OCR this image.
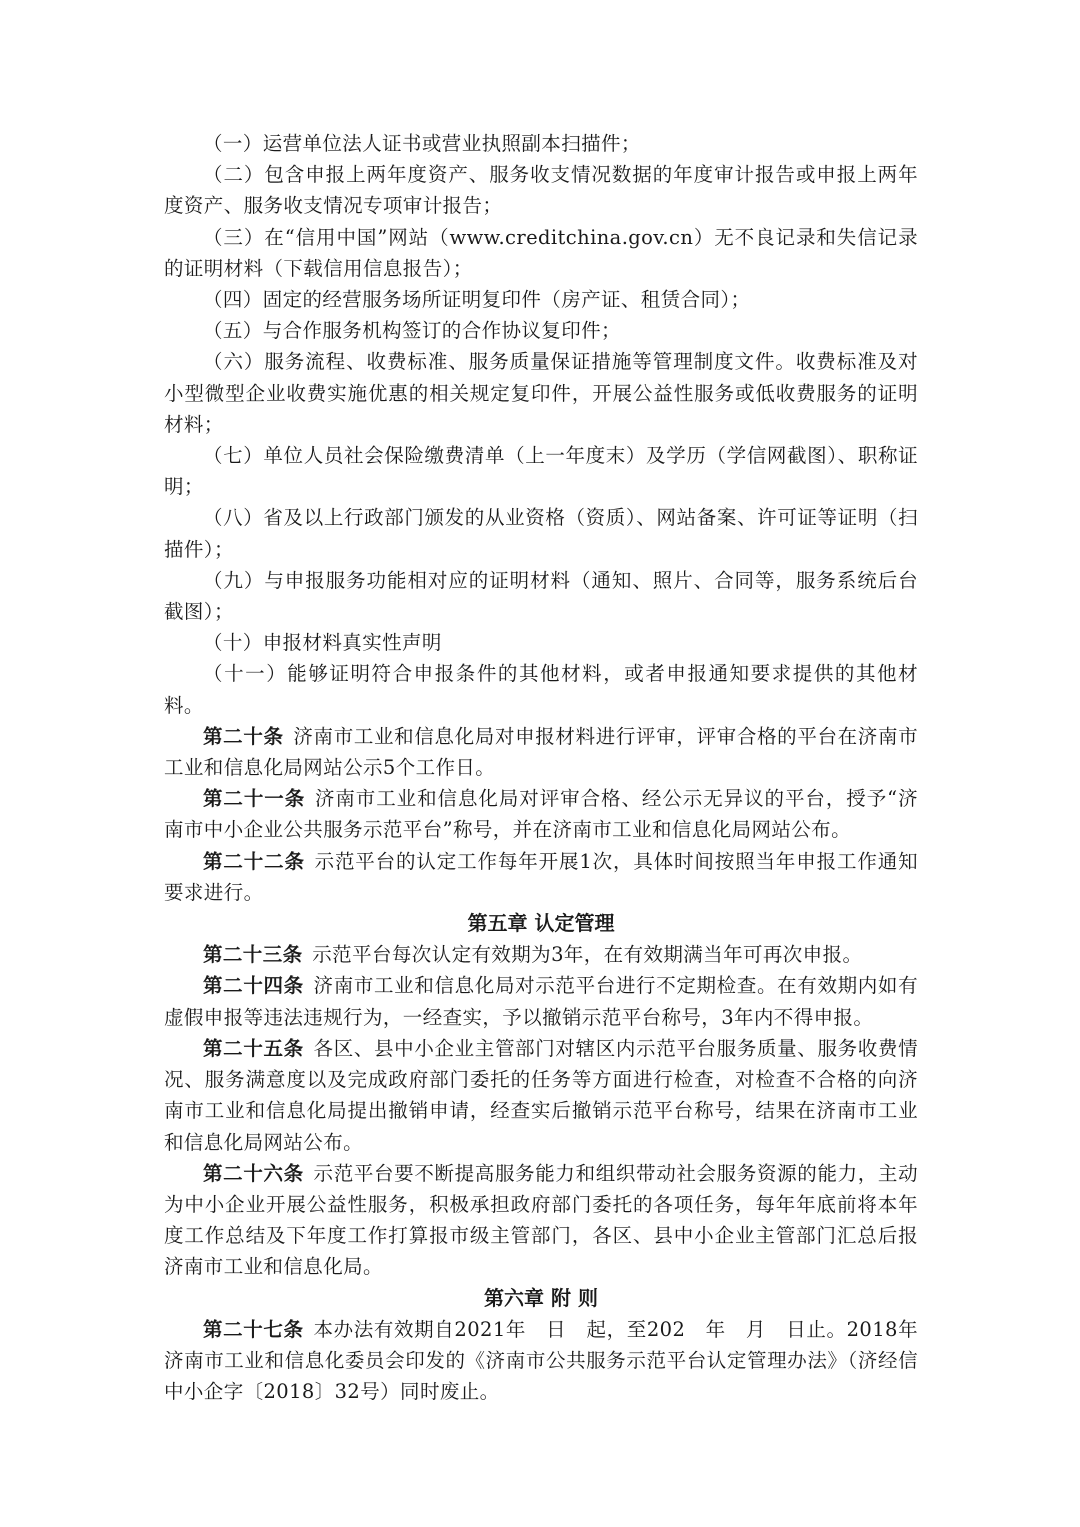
（一）运营单位法人证书或营业执照副本扫描件；

（二）包含申报上两年度资产、服务收支情况数据的年度审计报告或申报上两年度资产、服务收支情况专项审计报告；

（三）在“信用中国”网站（www.creditchina.gov.cn）无不良记录和失信记录的证明材料（下载信用信息报告）；

（四）固定的经营服务场所证明复印件（房产证、租赁合同）；

（五）与合作服务机构签订的合作协议复印件；

（六）服务流程、收费标准、服务质量保证措施等管理制度文件。收费标准及对小型微型企业收费实施优惠的相关规定复印件，开展公益性服务或低收费服务的证明材料；

（七）单位人员社会保险缴费清单（上一年度末）及学历（学信网截图）、职称证明；

（八）省及以上行政部门颁发的从业资格（资质）、网站备案、许可证等证明（扫描件）；

（九）与申报服务功能相对应的证明材料（通知、照片、合同等，服务系统后台截图）；

（十）申报材料真实性声明

（十一）能够证明符合申报条件的其他材料，或者申报通知要求提供的其他材料。

第二十条 济南市工业和信息化局对申报材料进行评审，评审合格的平台在济南市工业和信息化局网站公示5个工作日。

第二十一条 济南市工业和信息化局对评审合格、经公示无异议的平台，授予“济南市中小企业公共服务示范平台”称号，并在济南市工业和信息化局网站公布。

第二十二条 示范平台的认定工作每年开展1次，具体时间按照当年申报工作通知要求进行。

第五章 认定管理

第二十三条 示范平台每次认定有效期为3年，在有效期满当年可再次申报。

第二十四条 济南市工业和信息化局对示范平台进行不定期检查。在有效期内如有虚假申报等违法违规行为，一经查实，予以撤销示范平台称号，3年内不得申报。

第二十五条 各区、县中小企业主管部门对辖区内示范平台服务质量、服务收费情况、服务满意度以及完成政府部门委托的任务等方面进行检查，对检查不合格的向济南市工业和信息化局提出撤销申请，经查实后撤销示范平台称号，结果在济南市工业和信息化局网站公布。

第二十六条 示范平台要不断提高服务能力和组织带动社会服务资源的能力，主动为中小企业开展公益性服务，积极承担政府部门委托的各项任务，每年年底前将本年度工作总结及下年度工作打算报市级主管部门，各区、县中小企业主管部门汇总后报济南市工业和信息化局。

第六章 附 则

第二十七条 本办法有效期自2021年　日　起，至202　年　月　日止。2018年济南市工业和信息化委员会印发的《济南市公共服务示范平台认定管理办法》（济经信中小企字〔2018〕32号）同时废止。
